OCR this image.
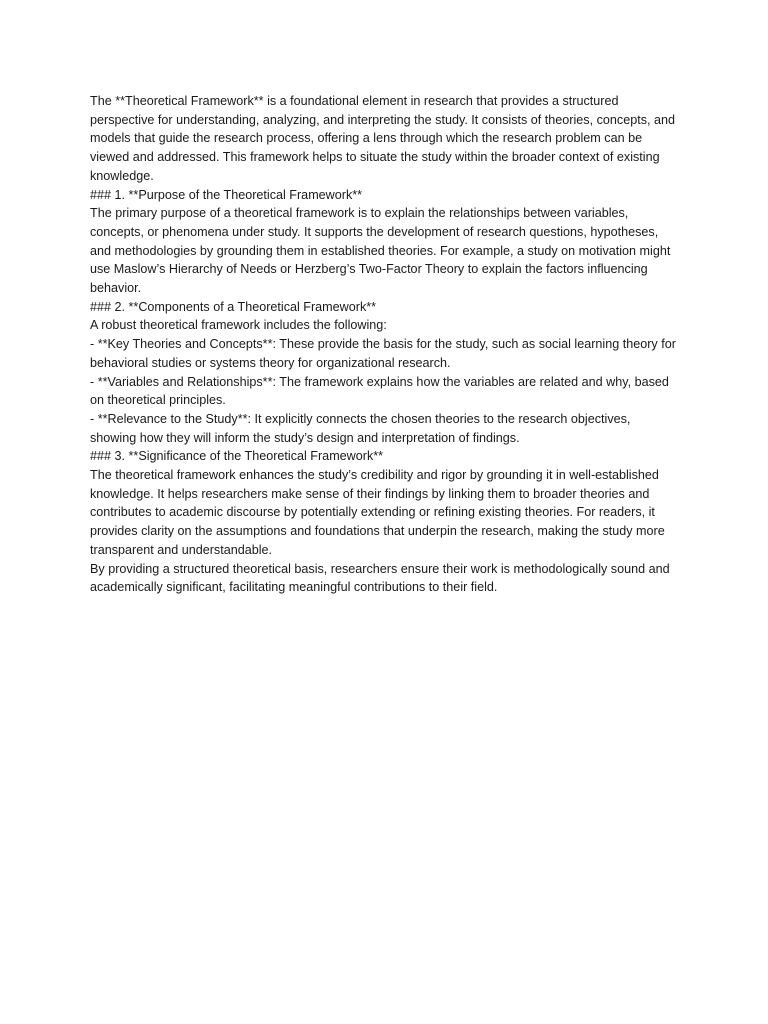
The **Theoretical Framework** is a foundational element in research that provides a structured perspective for understanding, analyzing, and interpreting the study. It consists of theories, concepts, and models that guide the research process, offering a lens through which the research problem can be viewed and addressed. This framework helps to situate the study within the broader context of existing knowledge.

### 1. **Purpose of the Theoretical Framework**

The primary purpose of a theoretical framework is to explain the relationships between variables, concepts, or phenomena under study. It supports the development of research questions, hypotheses, and methodologies by grounding them in established theories. For example, a study on motivation might use Maslow’s Hierarchy of Needs or Herzberg’s Two-Factor Theory to explain the factors influencing behavior.

### 2. **Components of a Theoretical Framework**

A robust theoretical framework includes the following:

- **Key Theories and Concepts**: These provide the basis for the study, such as social learning theory for behavioral studies or systems theory for organizational research.

- **Variables and Relationships**: The framework explains how the variables are related and why, based on theoretical principles.

- **Relevance to the Study**: It explicitly connects the chosen theories to the research objectives, showing how they will inform the study’s design and interpretation of findings.

### 3. **Significance of the Theoretical Framework**

The theoretical framework enhances the study’s credibility and rigor by grounding it in well-established knowledge. It helps researchers make sense of their findings by linking them to broader theories and contributes to academic discourse by potentially extending or refining existing theories. For readers, it provides clarity on the assumptions and foundations that underpin the research, making the study more transparent and understandable.

By providing a structured theoretical basis, researchers ensure their work is methodologically sound and academically significant, facilitating meaningful contributions to their field.
